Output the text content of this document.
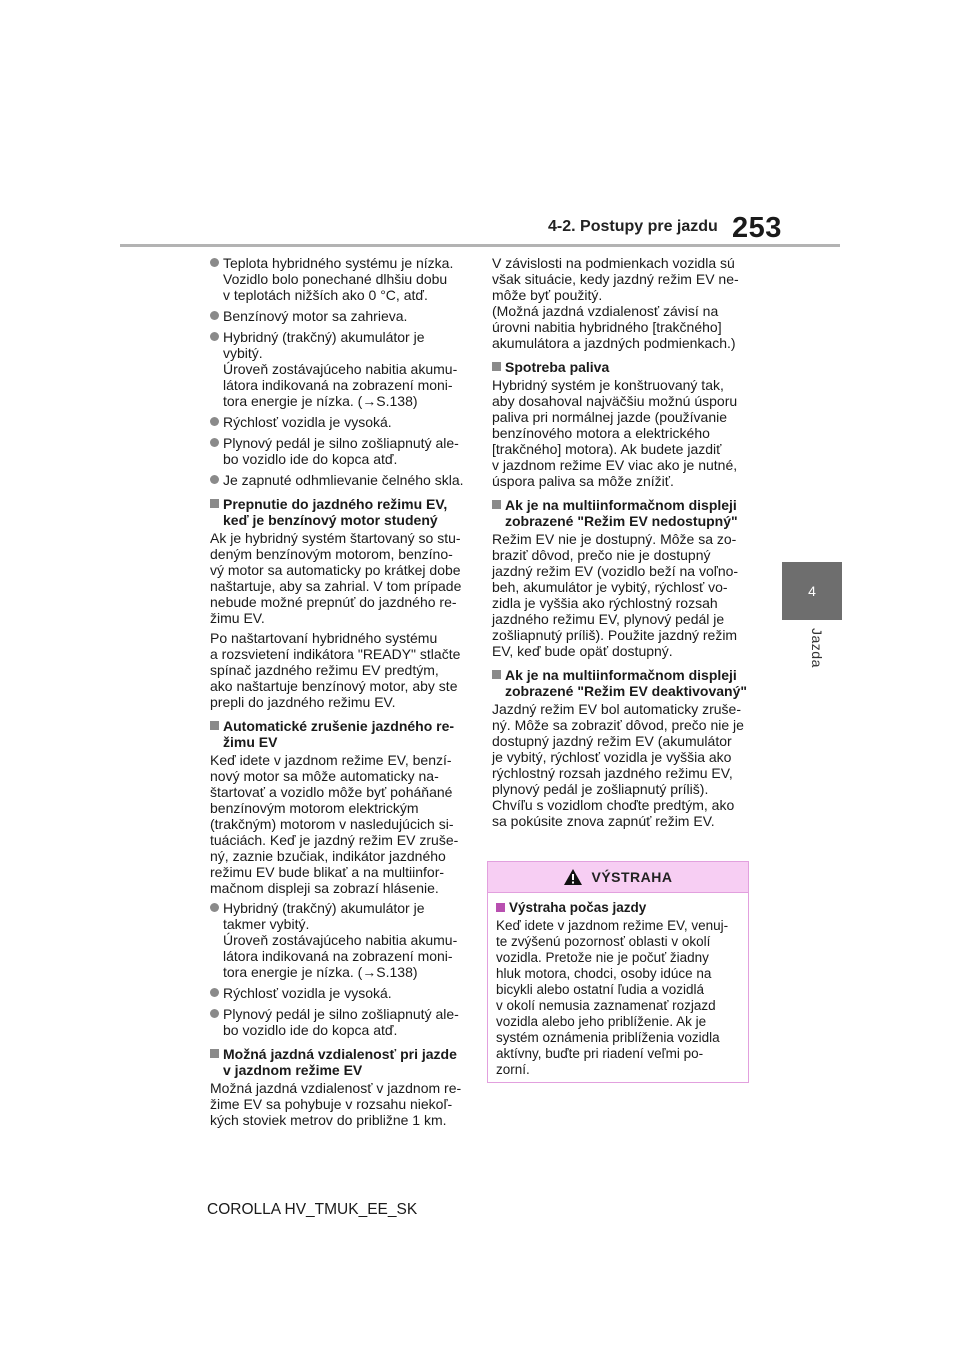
4-2. Postupy pre jazdu 253
4
Jazda
Teplota hybridného systému je nízka.
Vozidlo bolo ponechané dlhšiu dobu
v teplotách nižších ako 0 °C, atď.
Benzínový motor sa zahrieva.
Hybridný (trakčný) akumulátor je vybitý.
Úroveň zostávajúceho nabitia akumu-
látora indikovaná na zobrazení moni-
tora energie je nízka. (→S.138)
Rýchlosť vozidla je vysoká.
Plynový pedál je silno zošliapnutý ale-
bo vozidlo ide do kopca atď.
Je zapnuté odhmlievanie čelného skla.
Prepnutie do jazdného režimu EV,
keď je benzínový motor studený
Ak je hybridný systém štartovaný so stu-
deným benzínovým motorom, benzíno-
vý motor sa automaticky po krátkej dobe
naštartuje, aby sa zahrial. V tom prípade
nebude možné prepnúť do jazdného re-
žimu EV.
Po naštartovaní hybridného systému
a rozsvietení indikátora "READY" stlačte
spínač jazdného režimu EV predtým,
ako naštartuje benzínový motor, aby ste
prepli do jazdného režimu EV.
Automatické zrušenie jazdného re-
žimu EV
Keď idete v jazdnom režime EV, benzí-
nový motor sa môže automaticky na-
štartovať a vozidlo môže byť poháňané
benzínovým motorom elektrickým
(trakčným) motorom v nasledujúcich si-
tuáciách. Keď je jazdný režim EV zruše-
ný, zaznie bzučiak, indikátor jazdného
režimu EV bude blikať a na multiinfor-
mačnom displeji sa zobrazí hlásenie.
Hybridný (trakčný) akumulátor je
takmer vybitý.
Úroveň zostávajúceho nabitia akumu-
látora indikovaná na zobrazení moni-
tora energie je nízka. (→S.138)
Rýchlosť vozidla je vysoká.
Plynový pedál je silno zošliapnutý ale-
bo vozidlo ide do kopca atď.
Možná jazdná vzdialenosť pri jazde
v jazdnom režime EV
Možná jazdná vzdialenosť v jazdnom re-
žime EV sa pohybuje v rozsahu niekoľ-
kých stoviek metrov do približne 1 km.
V závislosti na podmienkach vozidla sú
však situácie, kedy jazdný režim EV ne-
môže byť použitý.
(Možná jazdná vzdialenosť závisí na
úrovni nabitia hybridného [trakčného]
akumulátora a jazdných podmienkach.)
Spotreba paliva
Hybridný systém je konštruovaný tak,
aby dosahoval najväčšiu možnú úsporu
paliva pri normálnej jazde (používanie
benzínového motora a elektrického
[trakčného] motora). Ak budete jazdiť
v jazdnom režime EV viac ako je nutné,
úspora paliva sa môže znížiť.
Ak je na multiinformačnom displeji
zobrazené "Režim EV nedostupný"
Režim EV nie je dostupný. Môže sa zo-
braziť dôvod, prečo nie je dostupný
jazdný režim EV (vozidlo beží na voľno-
beh, akumulátor je vybitý, rýchlosť vo-
zidla je vyššia ako rýchlostný rozsah
jazdného režimu EV, plynový pedál je
zošliapnutý príliš). Použite jazdný režim
EV, keď bude opäť dostupný.
Ak je na multiinformačnom displeji
zobrazené "Režim EV deaktivovaný"
Jazdný režim EV bol automaticky zruše-
ný. Môže sa zobraziť dôvod, prečo nie je
dostupný jazdný režim EV (akumulátor
je vybitý, rýchlosť vozidla je vyššia ako
rýchlostný rozsah jazdného režimu EV,
plynový pedál je zošliapnutý príliš).
Chvíľu s vozidlom choďte predtým, ako
sa pokúsite znova zapnúť režim EV.
VÝSTRAHA
Výstraha počas jazdy
Keď idete v jazdnom režime EV, venuj-
te zvýšenú pozornosť oblasti v okolí
vozidla. Pretože nie je počuť žiadny
hluk motora, chodci, osoby idúce na
bicykli alebo ostatní ľudia a vozidlá
v okolí nemusia zaznamenať rozjazd
vozidla alebo jeho priblíženie. Ak je
systém oznámenia priblíženia vozidla
aktívny, buďte pri riadení veľmi po-
zorní.
COROLLA HV_TMUK_EE_SK
